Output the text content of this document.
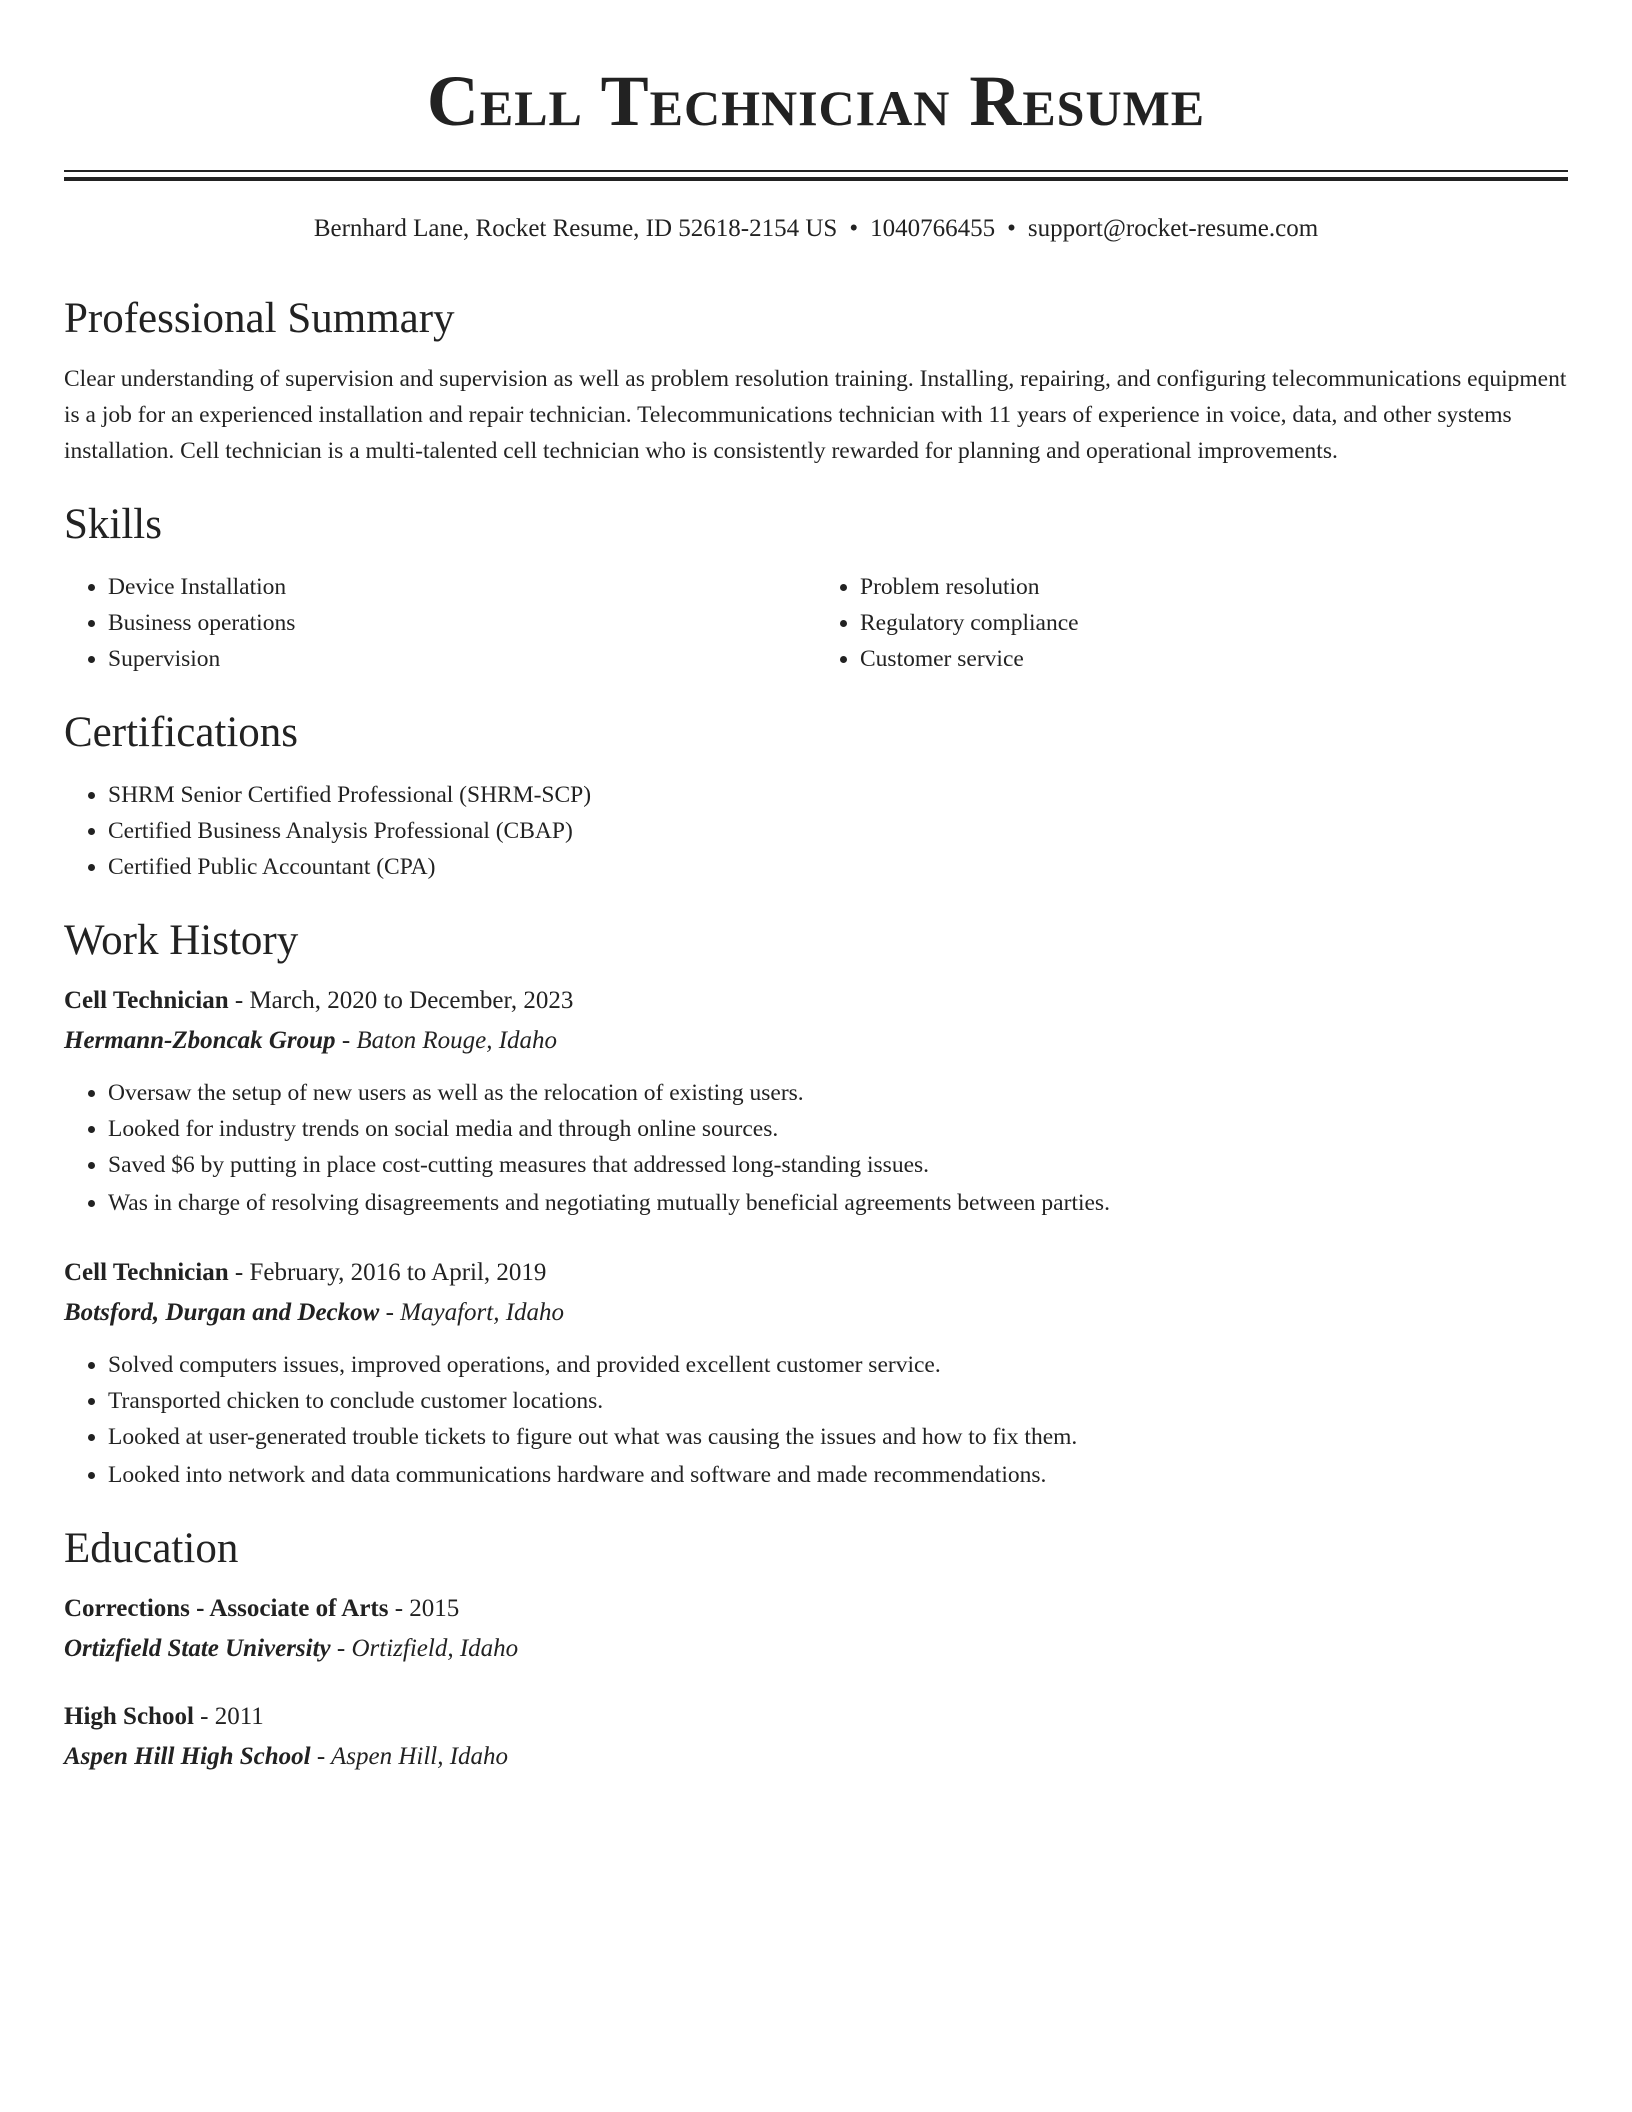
Cell Technician Resume
Bernhard Lane, Rocket Resume, ID 52618-2154 US • 1040766455 • support@rocket-resume.com
Professional Summary
Clear understanding of supervision and supervision as well as problem resolution training. Installing, repairing, and configuring telecommunications equipment is a job for an experienced installation and repair technician. Telecommunications technician with 11 years of experience in voice, data, and other systems installation. Cell technician is a multi-talented cell technician who is consistently rewarded for planning and operational improvements.
Skills
• Device Installation
• Business operations
• Supervision
• Problem resolution
• Regulatory compliance
• Customer service
Certifications
• SHRM Senior Certified Professional (SHRM-SCP)
• Certified Business Analysis Professional (CBAP)
• Certified Public Accountant (CPA)
Work History
Cell Technician - March, 2020 to December, 2023
Hermann-Zboncak Group - Baton Rouge, Idaho
• Oversaw the setup of new users as well as the relocation of existing users.
• Looked for industry trends on social media and through online sources.
• Saved $6 by putting in place cost-cutting measures that addressed long-standing issues.
• Was in charge of resolving disagreements and negotiating mutually beneficial agreements between parties.
Cell Technician - February, 2016 to April, 2019
Botsford, Durgan and Deckow - Mayafort, Idaho
• Solved computers issues, improved operations, and provided excellent customer service.
• Transported chicken to conclude customer locations.
• Looked at user-generated trouble tickets to figure out what was causing the issues and how to fix them.
• Looked into network and data communications hardware and software and made recommendations.
Education
Corrections - Associate of Arts - 2015
Ortizfield State University - Ortizfield, Idaho
High School - 2011
Aspen Hill High School - Aspen Hill, Idaho
